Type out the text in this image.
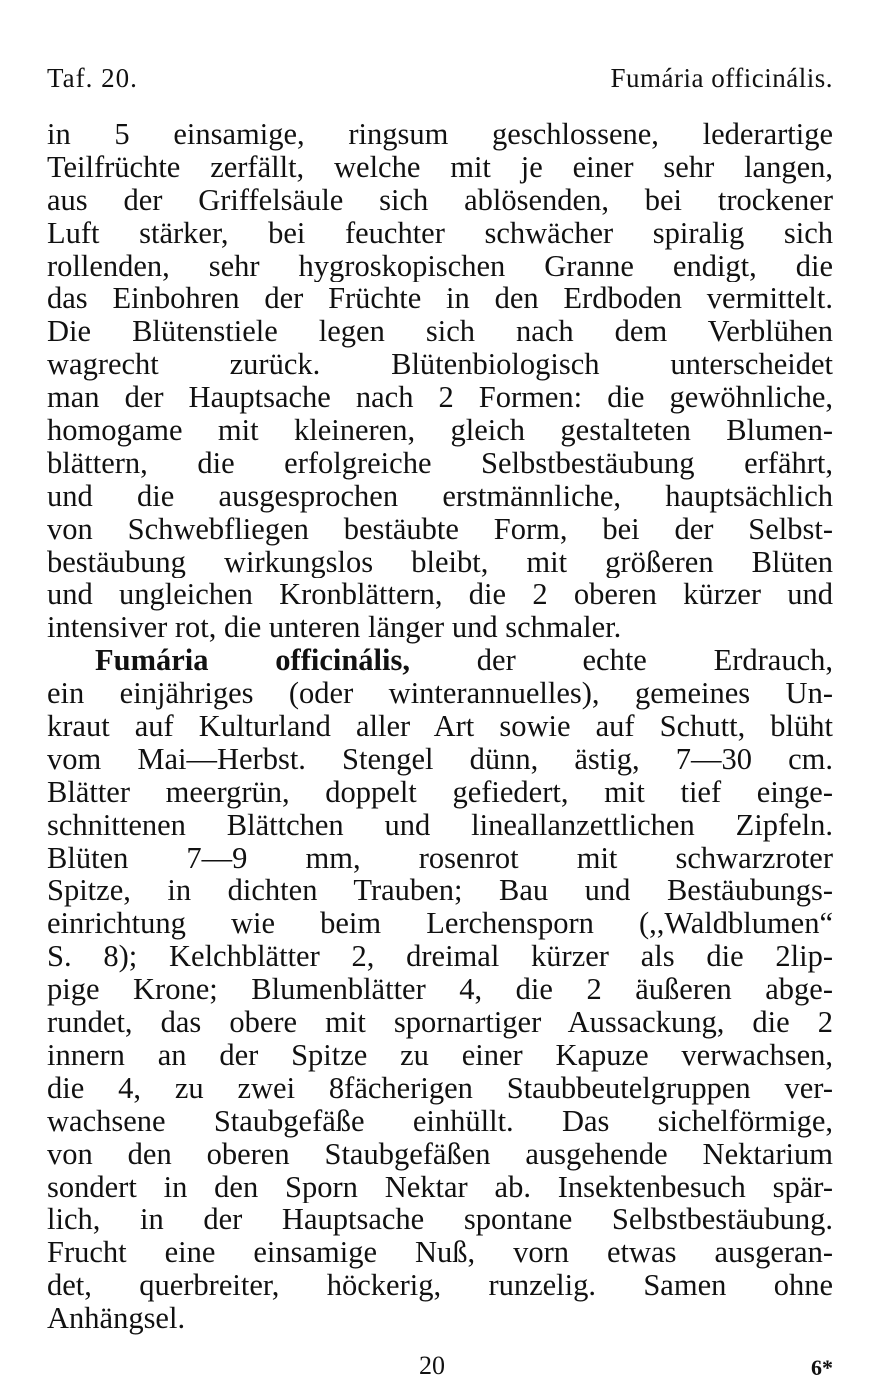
Taf. 20.	Fumária officinális.
in 5 einsamige, ringsum geschlossene, lederartige
Teilfrüchte zerfällt, welche mit je einer sehr langen,
aus der Griffelsäule sich ablösenden, bei trockener
Luft stärker, bei feuchter schwächer spiralig sich
rollenden, sehr hygroskopischen Granne endigt, die
das Einbohren der Früchte in den Erdboden vermittelt.
Die Blütenstiele legen sich nach dem Verblühen
wagrecht zurück. Blütenbiologisch unterscheidet
man der Hauptsache nach 2 Formen: die gewöhnliche,
homogame mit kleineren, gleich gestalteten Blumen-
blättern, die erfolgreiche Selbstbestäubung erfährt,
und die ausgesprochen erstmännliche, hauptsächlich
von Schwebfliegen bestäubte Form, bei der Selbst-
bestäubung wirkungslos bleibt, mit größeren Blüten
und ungleichen Kronblättern, die 2 oberen kürzer und
intensiver rot, die unteren länger und schmaler.
Fumária officinális, der echte Erdrauch,
ein einjähriges (oder winterannuelles), gemeines Un-
kraut auf Kulturland aller Art sowie auf Schutt, blüht
vom Mai—Herbst. Stengel dünn, ästig, 7—30 cm.
Blätter meergrün, doppelt gefiedert, mit tief einge-
schnittenen Blättchen und lineallanzettlichen Zipfeln.
Blüten 7—9 mm, rosenrot mit schwarzroter
Spitze, in dichten Trauben; Bau und Bestäubungs-
einrichtung wie beim Lerchensporn (,,Waldblumen“
S. 8); Kelchblätter 2, dreimal kürzer als die 2lip-
pige Krone; Blumenblätter 4, die 2 äußeren abge-
rundet, das obere mit spornartiger Aussackung, die 2
innern an der Spitze zu einer Kapuze verwachsen,
die 4, zu zwei 8fächerigen Staubbeutelgruppen ver-
wachsene Staubgefäße einhüllt. Das sichelförmige,
von den oberen Staubgefäßen ausgehende Nektarium
sondert in den Sporn Nektar ab. Insektenbesuch spär-
lich, in der Hauptsache spontane Selbstbestäubung.
Frucht eine einsamige Nuß, vorn etwas ausgeran-
det, querbreiter, höckerig, runzelig. Samen ohne
Anhängsel.
20	6*
